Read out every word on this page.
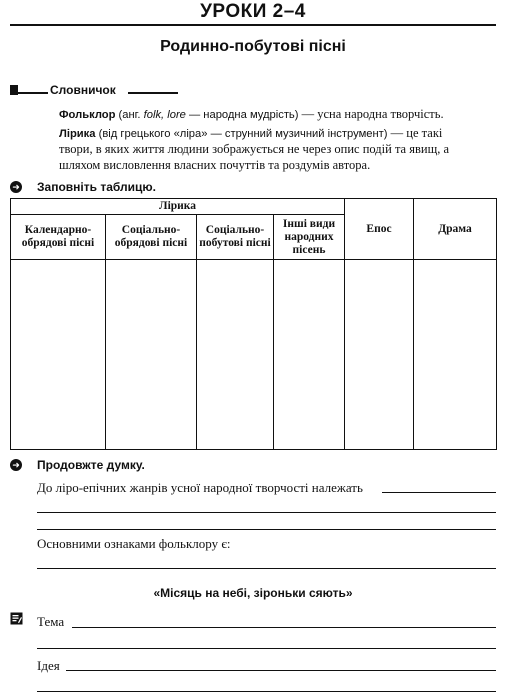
УРОКИ 2–4
Родинно-побутові пісні
Словничок

Фольклор (анг. folk, lore — народна мудрість) — усна народна творчість.

Лірика (від грецького «ліра» — струнний музичний інструмент) — це такі твори, в яких життя людини зображується не через опис подій та явищ, а шляхом висловлення власних почуттів та роздумів автора.

➜ Заповніть таблицю.
Лірика				Епос	Драма
Календарно-обрядові пісні	Соціально-обрядові пісні	Соціально-побутові пісні	Інші види народних пісень		

➜ Продовжте думку.
До ліро-епічних жанрів усної народної творчості належать
Основними ознаками фольклору є:
«Місяць на небі, зіроньки сяють»
Тема
Ідея
